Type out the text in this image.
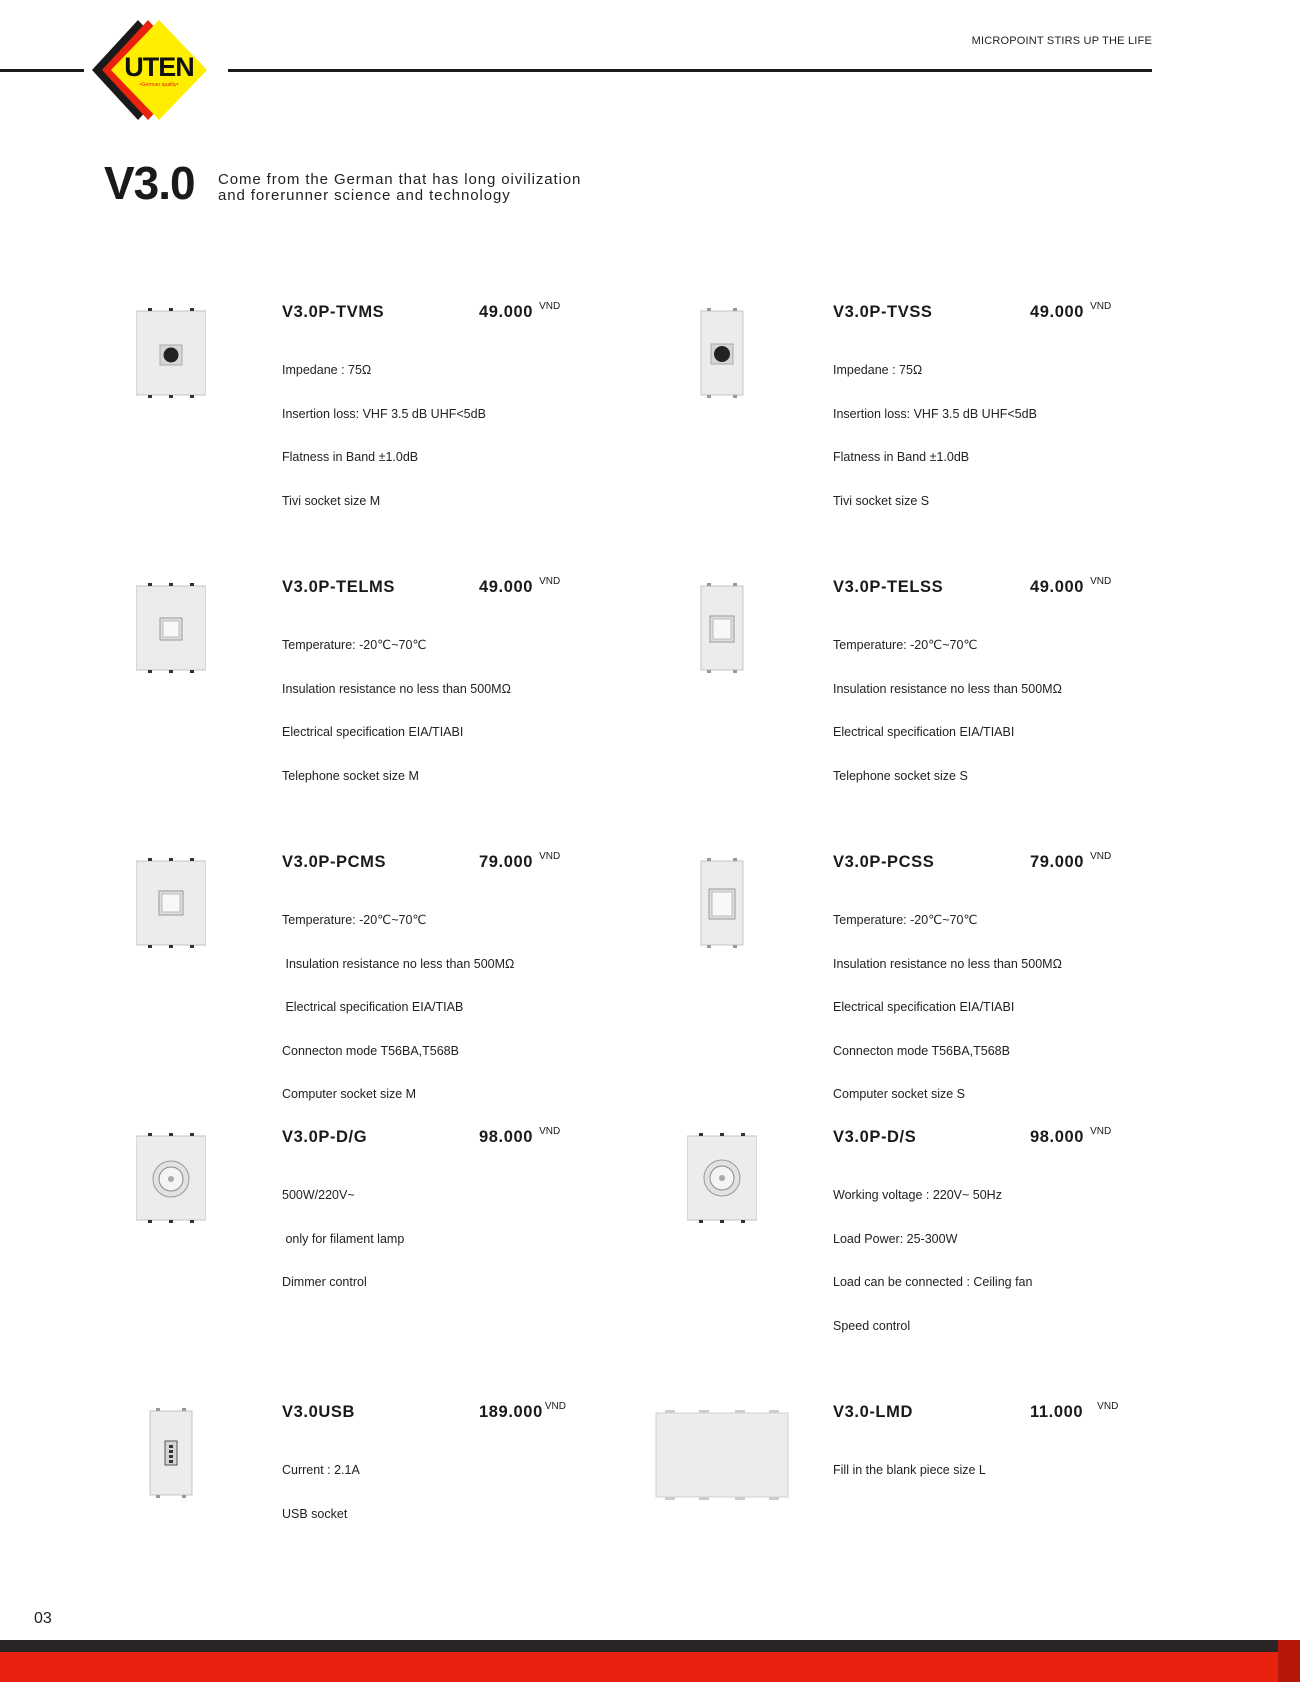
UTEN
•German quality•
MICROPOINT STIRS UP THE LIFE
V3.0 Come from the German that has long oivilization
and forerunner science and technology
V3.0P-TVMS	49.000 $^{VND}$

Impedane : 75Ω

Insertion loss: VHF 3.5 dB UHF<5dB

Flatness in Band ±1.0dB

Tivi socket size M

V3.0P-TELMS	49.000 $^{VND}$

Temperature: -20℃~70℃

Insulation resistance no less than 500MΩ

Electrical specification EIA/TIABI

Telephone socket size M

V3.0P-PCMS	79.000 $^{VND}$

Temperature: -20℃~70℃

Insulation resistance no less than 500MΩ

Electrical specification EIA/TIAB

Connecton mode T56BA,T568B

Computer socket size M

V3.0P-D/G	98.000 $^{VND}$

500W/220V~

only for filament lamp

Dimmer control

V3.0USB	189.000 $^{VND}$

Current : 2.1A

USB socket

V3.0P-TVSS	49.000 $^{VND}$

Impedane : 75Ω

Insertion loss: VHF 3.5 dB UHF<5dB

Flatness in Band ±1.0dB

Tivi socket size S

V3.0P-TELSS	49.000 $^{VND}$

Temperature: -20℃~70℃

Insulation resistance no less than 500MΩ

Electrical specification EIA/TIABI

Telephone socket size S

V3.0P-PCSS	79.000 $^{VND}$

Temperature: -20℃~70℃

Insulation resistance no less than 500MΩ

Electrical specification EIA/TIABI

Connecton mode T56BA,T568B

Computer socket size S

V3.0P-D/S	98.000 $^{VND}$

Working voltage : 220V~ 50Hz

Load Power: 25-300W

Load can be connected : Ceiling fan

Speed control

V3.0-LMD	11.000 $^{VND}$

Fill in the blank piece size L

03
